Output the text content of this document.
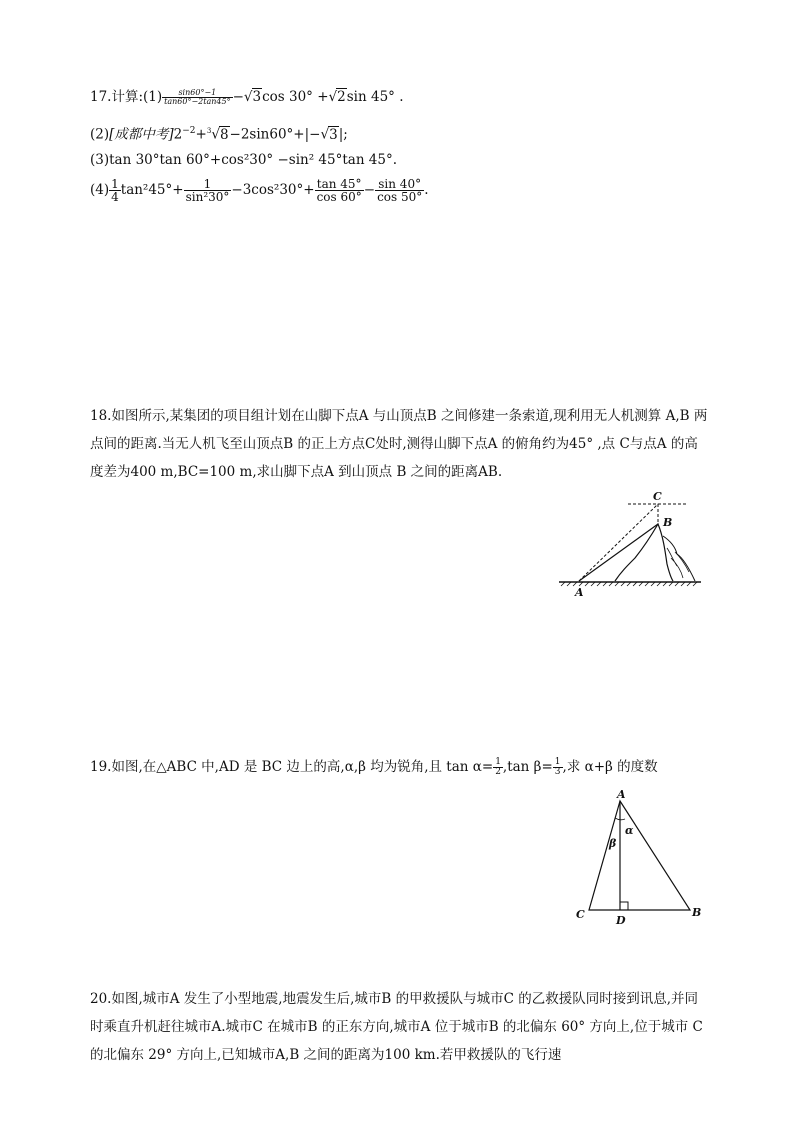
17.计算:(1) $\frac{\sin 60^\circ-1}{\tan 60^\circ-2\tan 45^\circ} -√3\cos$ 30° +√2sin 45° .
(2)[成都中考]$2^{-2}+^3√8-2\sin 60^\circ+|-√3|$;
(3)tan 30°tan 60°+cos²30° −sin² 45°tan 45°.
$(4) \frac{1}{4} \tan^245^\circ+ \frac{1}{\text{sin²30°}} -3\cos^230^\circ+ \frac{\tan 45^\circ}{\cos 60^\circ} - \frac{\sin 40^\circ}{\cos 50^\circ}$ .
18.如图所示,某集团的项目组计划在山脚下点A 与山顶点B 之间修建一条索道,现利用无人机测算 A,B 两点间的距离.当无人机飞至山顶点B 的正上方点C处时,测得山脚下点A 的俯角约为45° ,点 C与点A 的高度差为400 m,BC=100 m,求山脚下点A 到山顶点 B 之间的距离AB.
A
B
C
19.如图,在△ABC 中,AD 是 BC 边上的高,α,β 均为锐角,且 $\tan \alpha= \frac{1}{2} ,\tan$ $\beta= \frac{1}{3}$ ,求 α+β 的度数
A
B
C	D
α
β
20.如图,城市A 发生了小型地震,地震发生后,城市B 的甲救援队与城市C 的乙救援队同时接到讯息,并同时乘直升机赶往城市A.城市C 在城市B 的正东方向,城市A 位于城市B 的北偏东 60° 方向上,位于城市 C 的北偏东 29° 方向上,已知城市A,B 之间的距离为100 km.若甲救援队的飞行速
